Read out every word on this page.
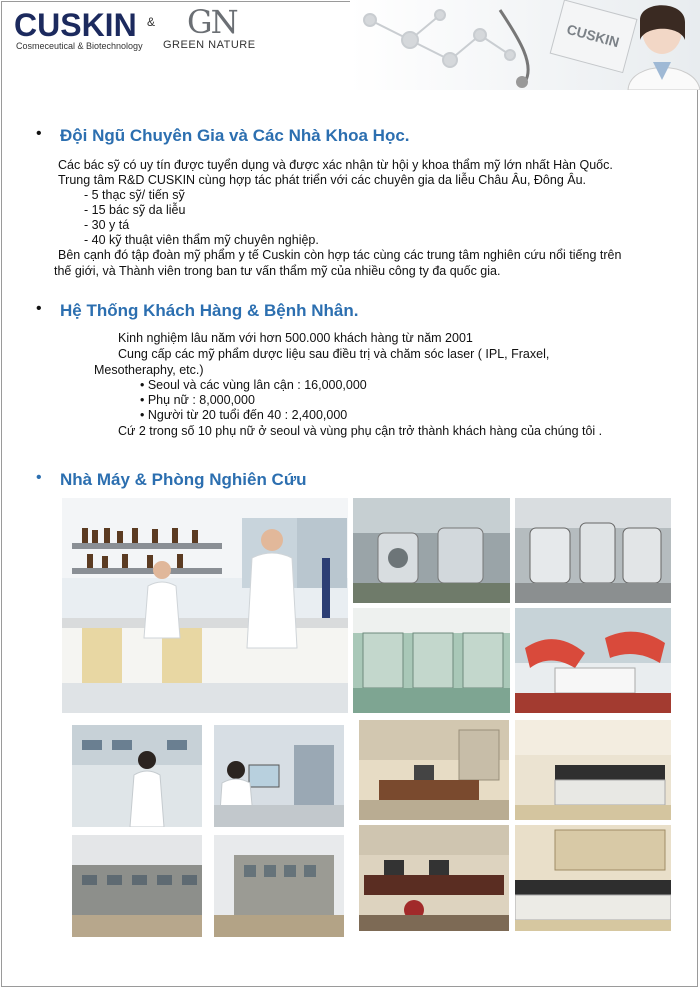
CUSKIN
Cosmeceutical & Biotechnology
& GN
GREEN NATURE	CUSKIN
• Đội Ngũ Chuyên Gia và Các Nhà Khoa Học.
Các bác sỹ có uy tín được tuyển dụng và được xác nhận từ hội y khoa thẩm mỹ lớn nhất Hàn Quốc.
Trung tâm R&D CUSKIN cùng hợp tác phát triển với các chuyên gia da liễu Châu Âu, Đông Âu.
- 5 thạc sỹ/ tiến sỹ
- 15 bác sỹ da liễu
- 30 y tá
- 40 kỹ thuật viên thẩm mỹ chuyên nghiệp.
Bên cạnh đó tập đoàn mỹ phẩm y tế Cuskin còn hợp tác cùng các trung tâm nghiên cứu nổi tiếng trên
thế giới, và Thành viên trong ban tư vấn thẩm mỹ của nhiều công ty đa quốc gia.
• Hệ Thống Khách Hàng & Bệnh Nhân.
Kinh nghiệm lâu năm với hơn 500.000 khách hàng từ năm 2001
Cung cấp các mỹ phẩm dược liệu sau điều trị và chăm sóc laser ( IPL, Fraxel,
Mesotheraphy, etc.)
• Seoul và các vùng lân cận : 16,000,000
• Phụ nữ : 8,000,000
• Người từ 20 tuổi đến 40 : 2,400,000
Cứ 2 trong số 10 phụ nữ ở seoul và vùng phụ cận trở thành khách hàng của chúng tôi .
• Nhà Máy & Phòng Nghiên Cứu
